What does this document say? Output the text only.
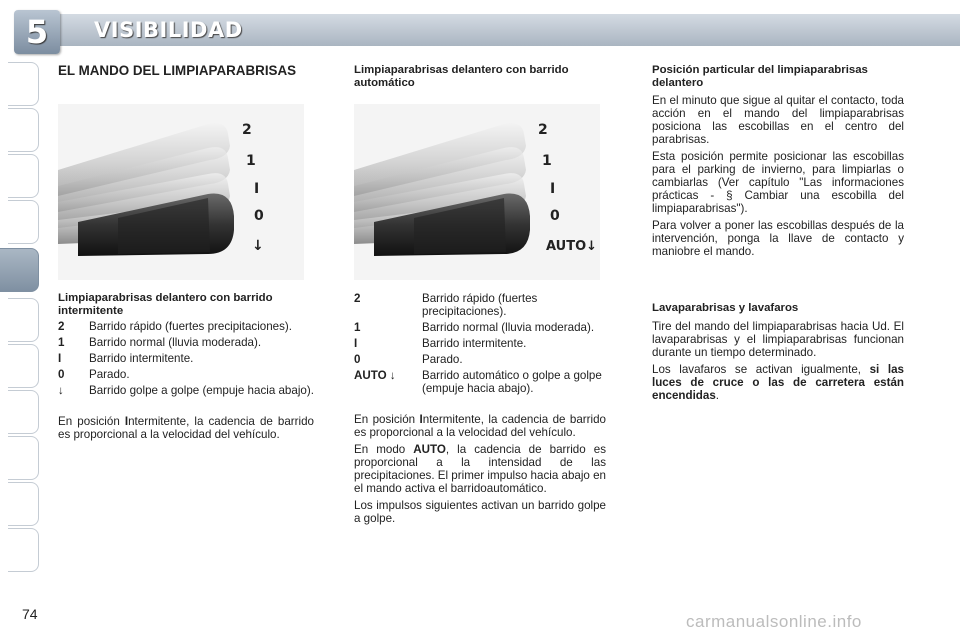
5	VISIBILIDAD
EL MANDO DEL LIMPIAPARABRISAS
2
1
I
0
↓
Limpiaparabrisas delantero con barrido intermitente
2 Barrido rápido (fuertes precipitaciones).
1 Barrido normal (lluvia moderada).
I Barrido intermitente.
0 Parado.
↓ Barrido golpe a golpe (empuje hacia abajo).

En posición Intermitente, la cadencia de barrido es proporcional a la velocidad del vehículo.

Limpiaparabrisas delantero con barrido automático
2
1
I
0
AUTO↓
2	Barrido rápido (fuertes precipitaciones).
1	Barrido normal (lluvia moderada).
I	Barrido intermitente.
0	Parado.
AUTO ↓ Barrido automático o golpe a golpe (empuje hacia abajo).

En posición Intermitente, la cadencia de barrido es proporcional a la velocidad del vehículo.

En modo AUTO, la cadencia de barrido es proporcional a la intensidad de las precipitaciones. El primer impulso hacia abajo en el mando activa el barridoautomático.

Los impulsos siguientes activan un barrido golpe a golpe.

Posición particular del limpiaparabrisas delantero

En el minuto que sigue al quitar el contacto, toda acción en el mando del limpiaparabrisas posiciona las escobillas en el centro del parabrisas.

Esta posición permite posicionar las escobillas para el parking de invierno, para limpiarlas o cambiarlas (Ver capítulo "Las informaciones prácticas - § Cambiar una escobilla del limpiaparabrisas").

Para volver a poner las escobillas después de la intervención, ponga la llave de contacto y maniobre el mando.

Lavaparabrisas y lavafaros

Tire del mando del limpiaparabrisas hacia Ud. El lavaparabrisas y el limpiaparabrisas funcionan durante un tiempo determinado.

Los lavafaros se activan igualmente, si las luces de cruce o las de carretera están encendidas.

74	carmanualsonline.info
